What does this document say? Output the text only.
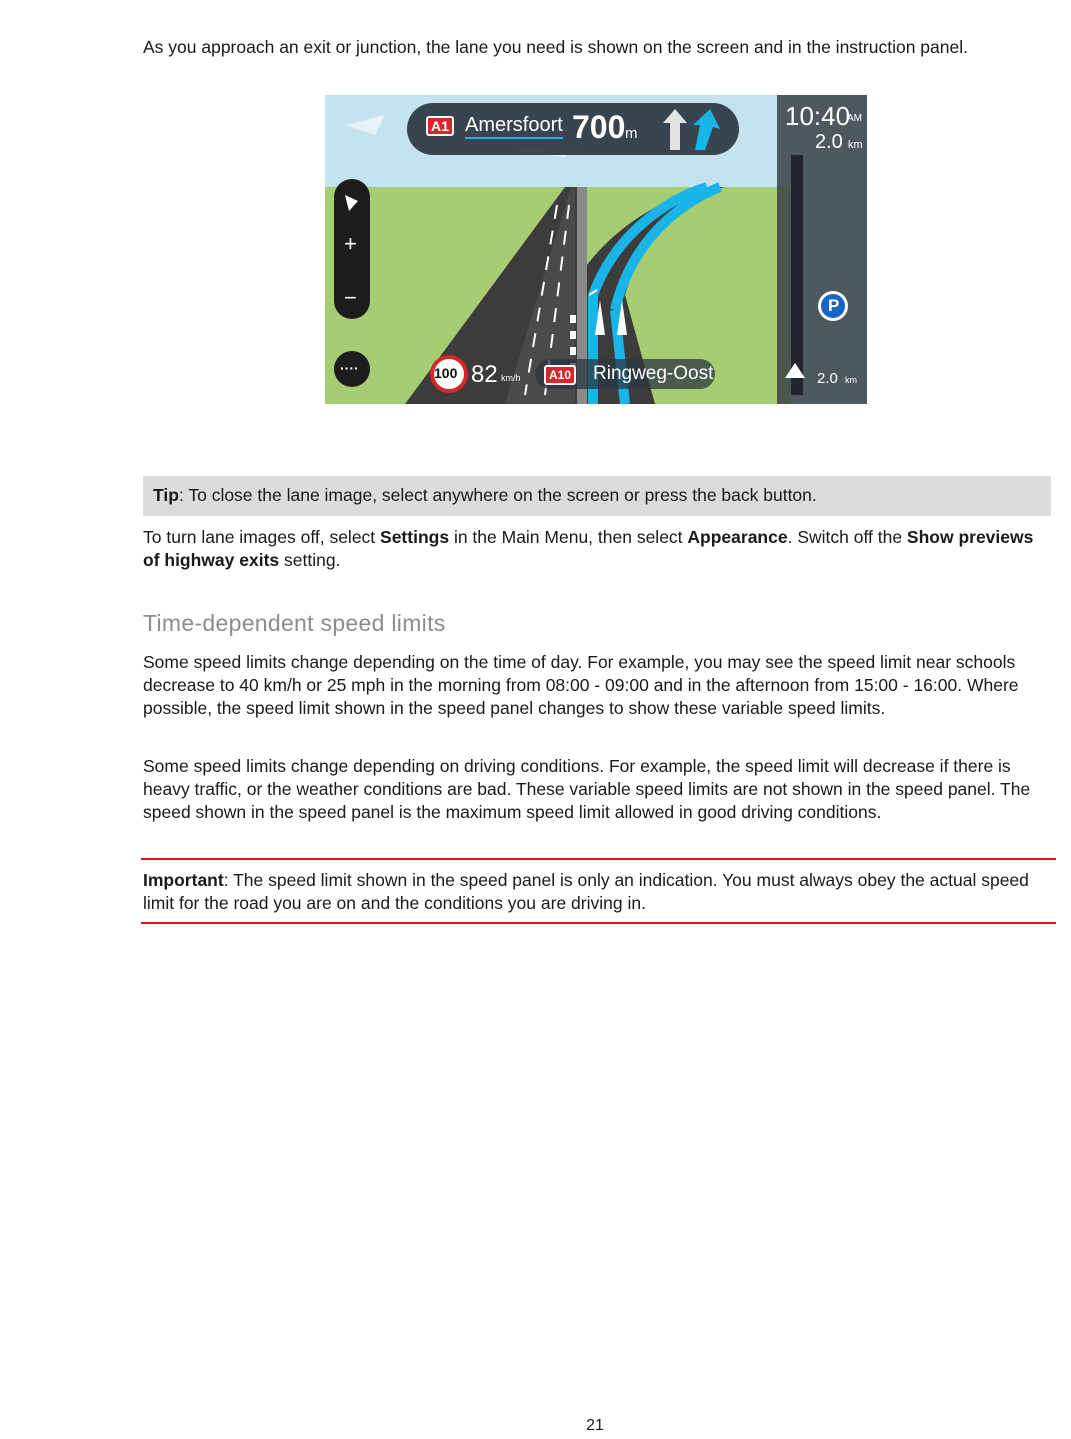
As you approach an exit or junction, the lane you need is shown on the screen and in the instruction panel.

A1 Amersfoort 700 m
10:40
AM
2.0 km
P
2.0 km
+
−
····	100 82 km/h	A10 Ringweg-Oost

Tip: To close the lane image, select anywhere on the screen or press the back button.

To turn lane images off, select Settings in the Main Menu, then select Appearance. Switch off the Show previews of highway exits setting.

Time-dependent speed limits

Some speed limits change depending on the time of day. For example, you may see the speed limit near schools decrease to 40 km/h or 25 mph in the morning from 08:00 - 09:00 and in the afternoon from 15:00 - 16:00. Where possible, the speed limit shown in the speed panel changes to show these variable speed limits.

Some speed limits change depending on driving conditions. For example, the speed limit will decrease if there is heavy traffic, or the weather conditions are bad. These variable speed limits are not shown in the speed panel. The speed shown in the speed panel is the maximum speed limit allowed in good driving conditions.

Important: The speed limit shown in the speed panel is only an indication. You must always obey the actual speed limit for the road you are on and the conditions you are driving in.

21
